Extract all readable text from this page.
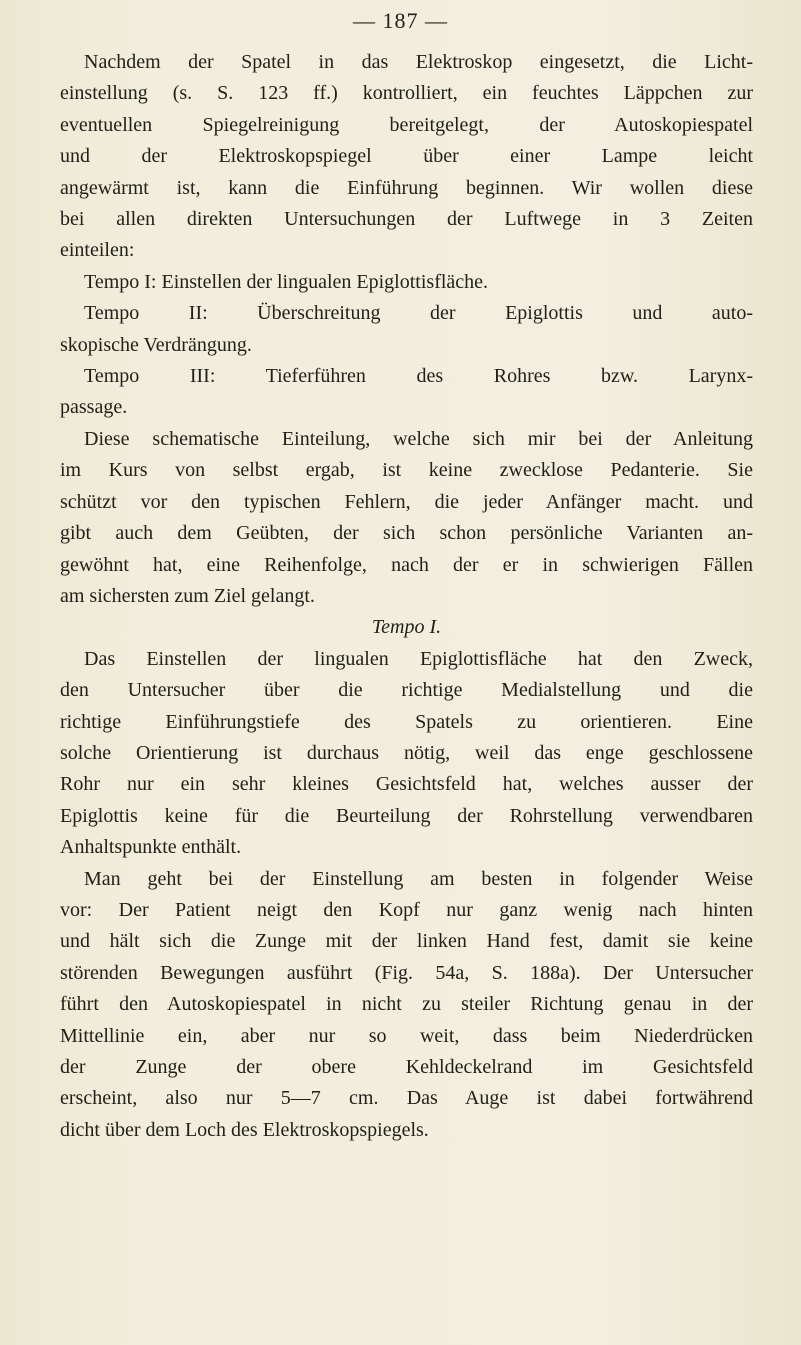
— 187 —

Nachdem der Spatel in das Elektroskop eingesetzt, die Licht-

einstellung (s. S. 123 ff.) kontrolliert, ein feuchtes Läppchen zur

eventuellen Spiegelreinigung bereitgelegt, der Autoskopiespatel

und der Elektroskopspiegel über einer Lampe leicht

angewärmt ist, kann die Einführung beginnen. Wir wollen diese

bei allen direkten Untersuchungen der Luftwege in 3 Zeiten

einteilen:

Tempo I: Einstellen der lingualen Epiglottisfläche.

Tempo II: Überschreitung der Epiglottis und auto-

skopische Verdrängung.

Tempo III: Tieferführen des Rohres bzw. Larynx-

passage.

Diese schematische Einteilung, welche sich mir bei der Anleitung

im Kurs von selbst ergab, ist keine zwecklose Pedanterie. Sie

schützt vor den typischen Fehlern, die jeder Anfänger macht. und

gibt auch dem Geübten, der sich schon persönliche Varianten an-

gewöhnt hat, eine Reihenfolge, nach der er in schwierigen Fällen

am sichersten zum Ziel gelangt.

Tempo I.

Das Einstellen der lingualen Epiglottisfläche hat den Zweck,

den Untersucher über die richtige Medialstellung und die

richtige Einführungstiefe des Spatels zu orientieren. Eine

solche Orientierung ist durchaus nötig, weil das enge geschlossene

Rohr nur ein sehr kleines Gesichtsfeld hat, welches ausser der

Epiglottis keine für die Beurteilung der Rohrstellung verwendbaren

Anhaltspunkte enthält.

Man geht bei der Einstellung am besten in folgender Weise

vor: Der Patient neigt den Kopf nur ganz wenig nach hinten

und hält sich die Zunge mit der linken Hand fest, damit sie keine

störenden Bewegungen ausführt (Fig. 54a, S. 188a). Der Untersucher

führt den Autoskopiespatel in nicht zu steiler Richtung genau in der

Mittellinie ein, aber nur so weit, dass beim Niederdrücken

der Zunge der obere Kehldeckelrand im Gesichtsfeld

erscheint, also nur 5—7 cm. Das Auge ist dabei fortwährend

dicht über dem Loch des Elektroskopspiegels.
